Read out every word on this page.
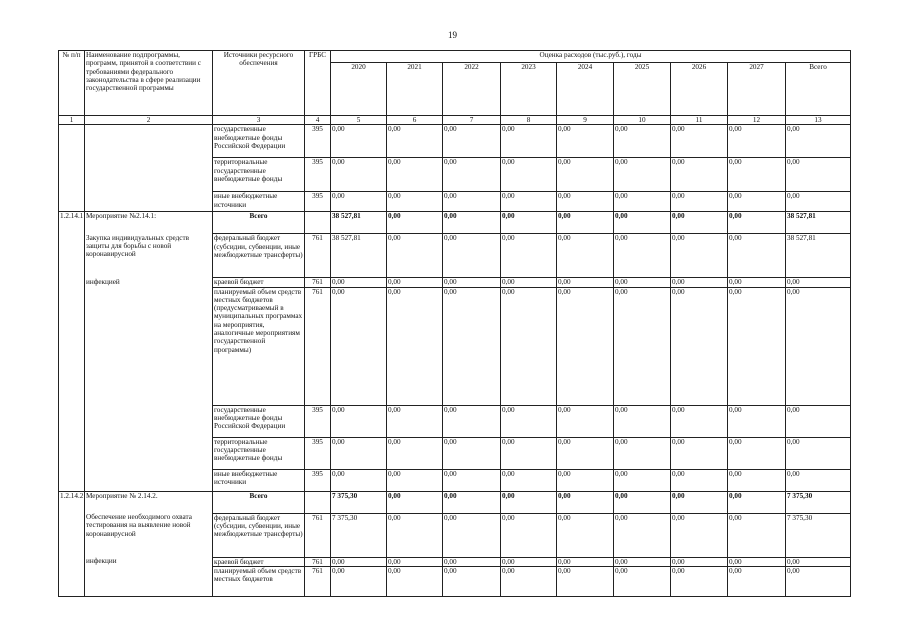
19
№ п/п	Наименование подпрограммы, программ, принятой в соответствии с требованиями федерального законодательства в сфере реализации государственной программы	Источники ресурсного обеспечения	ГРБС	Оценка расходов (тыс.руб.), годы								
				2020	2021	2022	2023	2024	2025	2026	2027	Всего
1	2	3	4	5	6	7	8	9	10	11	12	13
		государственные внебюджетные фонды Российской Федерации	395	0,00	0,00	0,00	0,00	0,00	0,00	0,00	0,00	0,00
		территориальные государственные внебюджетные фонды	395	0,00	0,00	0,00	0,00	0,00	0,00	0,00	0,00	0,00
		иные внебюджетные источники	395	0,00	0,00	0,00	0,00	0,00	0,00	0,00	0,00	0,00
1.2.14.1	Мероприятие №2.14.1:	Всего		38 527,81	0,00	0,00	0,00	0,00	0,00	0,00	0,00	38 527,81
	Закупка индивидуальных средств защиты для борьбы с новой коронавирусной	федеральный бюджет (субсидии, субвенции, иные межбюджетные трансферты)	761	38 527,81	0,00	0,00	0,00	0,00	0,00	0,00	0,00	38 527,81
	инфекцией	краевой бюджет	761	0,00	0,00	0,00	0,00	0,00	0,00	0,00	0,00	0,00
		планируемый объем средств местных бюджетов (предусматриваемый в муниципальных программах на мероприятия, аналогичные мероприятиям государственной программы)	761	0,00	0,00	0,00	0,00	0,00	0,00	0,00	0,00	0,00
		государственные внебюджетные фонды Российской Федерации	395	0,00	0,00	0,00	0,00	0,00	0,00	0,00	0,00	0,00
		территориальные государственные внебюджетные фонды	395	0,00	0,00	0,00	0,00	0,00	0,00	0,00	0,00	0,00
		иные внебюджетные источники	395	0,00	0,00	0,00	0,00	0,00	0,00	0,00	0,00	0,00
1.2.14.2	Мероприятие № 2.14.2.	Всего		7 375,30	0,00	0,00	0,00	0,00	0,00	0,00	0,00	7 375,30
	Обеспечение необходимого охвата тестирования на выявление новой коронавирусной	федеральный бюджет (субсидии, субвенции, иные межбюджетные трансферты)	761	7 375,30	0,00	0,00	0,00	0,00	0,00	0,00	0,00	7 375,30
	инфекции	краевой бюджет	761	0,00	0,00	0,00	0,00	0,00	0,00	0,00	0,00	0,00
		планируемый объем средств местных бюджетов	761	0,00	0,00	0,00	0,00	0,00	0,00	0,00	0,00	0,00
